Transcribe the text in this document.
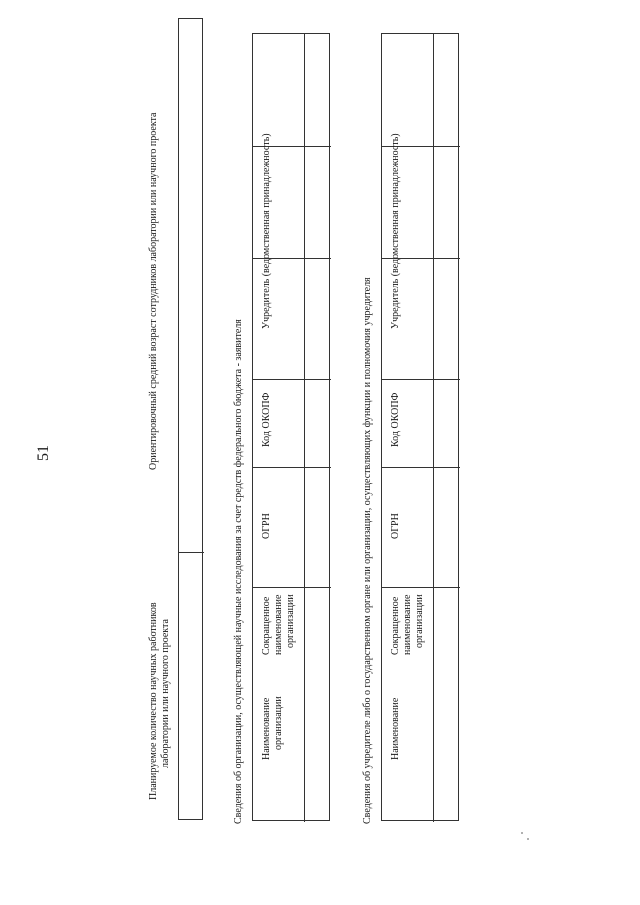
51
Планируемое количество научных работников лаборатории или научного проекта
Ориентировочный средний возраст сотрудников лаборатории или научного проекта
Сведения об организации, осуществляющей научные исследования за счет средств федерального бюджета - заявителя Наименование организации
Сокращенное наименование организации
ОГРН
Код ОКОПФ
Учредитель (ведомственная принадлежность)
Сведения об учредителе либо о государственном органе или организации, осуществляющих функции и полномочия учредителя Наименование
Сокращенное наименование организации
ОГРН
Код ОКОПФ
Учредитель (ведомственная принадлежность)
